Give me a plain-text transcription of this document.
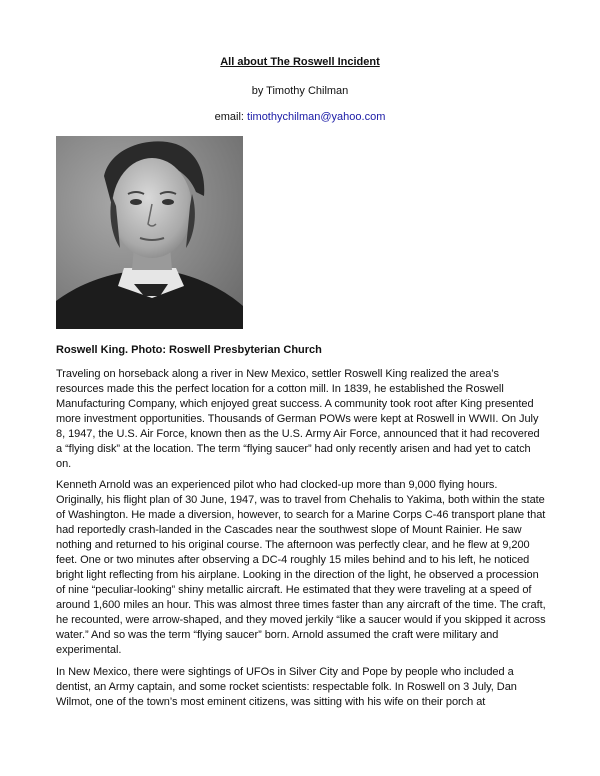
All about The Roswell Incident
by Timothy Chilman
email: timothychilman@yahoo.com
Roswell King. Photo: Roswell Presbyterian Church

Traveling on horseback along a river in New Mexico, settler Roswell King realized the area’s resources made this the perfect location for a cotton mill. In 1839, he established the Roswell Manufacturing Company, which enjoyed great success. A community took root after King presented more investment opportunities. Thousands of German POWs were kept at Roswell in WWII. On July 8, 1947, the U.S. Air Force, known then as the U.S. Army Air Force, announced that it had recovered a “flying disk” at the location. The term “flying saucer” had only recently arisen and had yet to catch on.

Kenneth Arnold was an experienced pilot who had clocked-up more than 9,000 flying hours. Originally, his flight plan of 30 June, 1947, was to travel from Chehalis to Yakima, both within the state of Washington. He made a diversion, however, to search for a Marine Corps C-46 transport plane that had reportedly crash-landed in the Cascades near the southwest slope of Mount Rainier. He saw nothing and returned to his original course. The afternoon was perfectly clear, and he flew at 9,200 feet. One or two minutes after observing a DC-4 roughly 15 miles behind and to his left, he noticed bright light reflecting from his airplane. Looking in the direction of the light, he observed a procession of nine “peculiar-looking” shiny metallic aircraft. He estimated that they were traveling at a speed of around 1,600 miles an hour. This was almost three times faster than any aircraft of the time. The craft, he recounted, were arrow-shaped, and they moved jerkily “like a saucer would if you skipped it across water.” And so was the term “flying saucer” born. Arnold assumed the craft were military and experimental.

In New Mexico, there were sightings of UFOs in Silver City and Pope by people who included a dentist, an Army captain, and some rocket scientists: respectable folk. In Roswell on 3 July, Dan Wilmot, one of the town’s most eminent citizens, was sitting with his wife on their porch at
